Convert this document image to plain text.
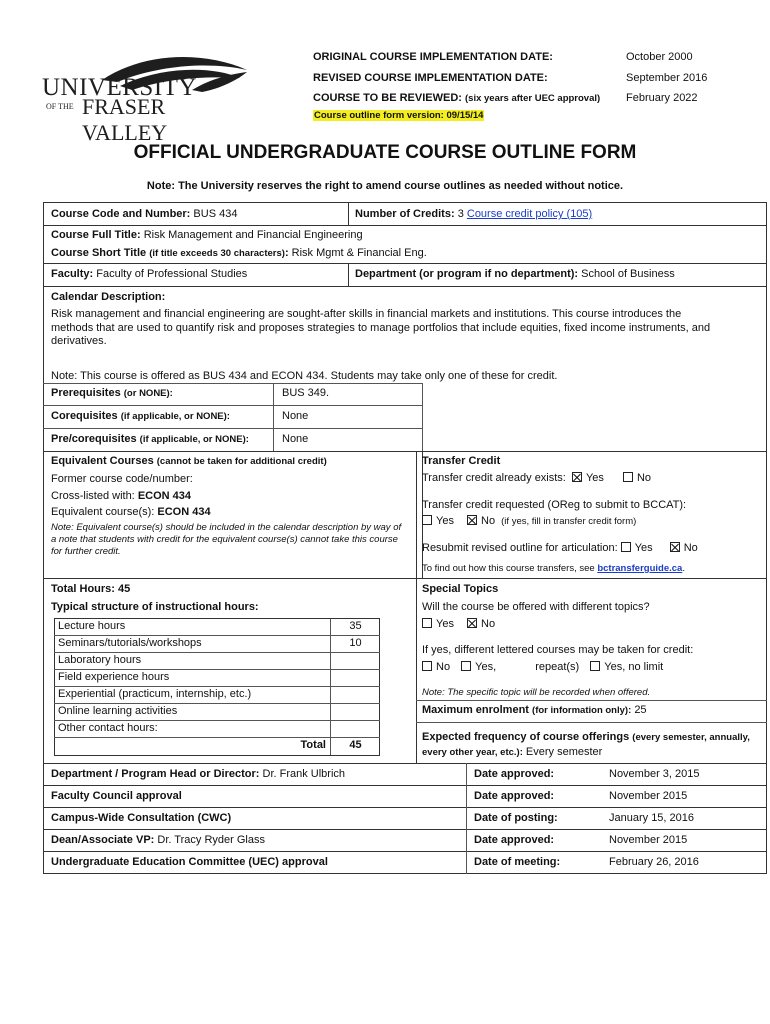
UNIVERSITY
OF THE FRASER VALLEY
ORIGINAL COURSE IMPLEMENTATION DATE:	October 2000
REVISED COURSE IMPLEMENTATION DATE:	September 2016
COURSE TO BE REVIEWED: (six years after UEC approval) February 2022
Course outline form version: 09/15/14
OFFICIAL UNDERGRADUATE COURSE OUTLINE FORM
Note: The University reserves the right to amend course outlines as needed without notice.
Course Code and Number: BUS 434	Number of Credits: 3 Course credit policy (105)
Course Full Title: Risk Management and Financial Engineering
Course Short Title (if title exceeds 30 characters): Risk Mgmt & Financial Eng.
Faculty: Faculty of Professional Studies	Department (or program if no department): School of Business
Calendar Description:
Risk management and financial engineering are sought-after skills in financial markets and institutions. This course introduces the methods that are used to quantify risk and proposes strategies to manage portfolios that include equities, fixed income instruments, and derivatives.
Note: This course is offered as BUS 434 and ECON 434. Students may take only one of these for credit.
Prerequisites (or NONE):	BUS 349.
Corequisites (if applicable, or NONE):	None
Pre/corequisites (if applicable, or NONE):	None
Equivalent Courses (cannot be taken for additional credit)
Former course code/number:
Cross-listed with: ECON 434
Equivalent course(s): ECON 434
Note: Equivalent course(s) should be included in the calendar description by way of a note that students with credit for the equivalent course(s) cannot take this course for further credit.
Transfer Credit
Transfer credit already exists: Yes	No
Transfer credit requested (OReg to submit to BCCAT):
Yes No (if yes, fill in transfer credit form)
Resubmit revised outline for articulation: Yes	No
To find out how this course transfers, see bctransferguide.ca.
Total Hours: 45
Typical structure of instructional hours:
Lecture hours	35
Seminars/tutorials/workshops	10
Laboratory hours
Field experience hours
Experiential (practicum, internship, etc.)
Online learning activities
Other contact hours:
Total	45
Special Topics
Will the course be offered with different topics?
Yes No
If yes, different lettered courses may be taken for credit:
No Yes,	repeat(s) Yes, no limit
Note: The specific topic will be recorded when offered.
Maximum enrolment (for information only): 25
Expected frequency of course offerings (every semester, annually, every other year, etc.): Every semester
Department / Program Head or Director: Dr. Frank Ulbrich	Date approved:	November 3, 2015
Faculty Council approval	Date approved:	November 2015
Campus-Wide Consultation (CWC)	Date of posting:	January 15, 2016
Dean/Associate VP: Dr. Tracy Ryder Glass	Date approved:	November 2015
Undergraduate Education Committee (UEC) approval	Date of meeting:	February 26, 2016
